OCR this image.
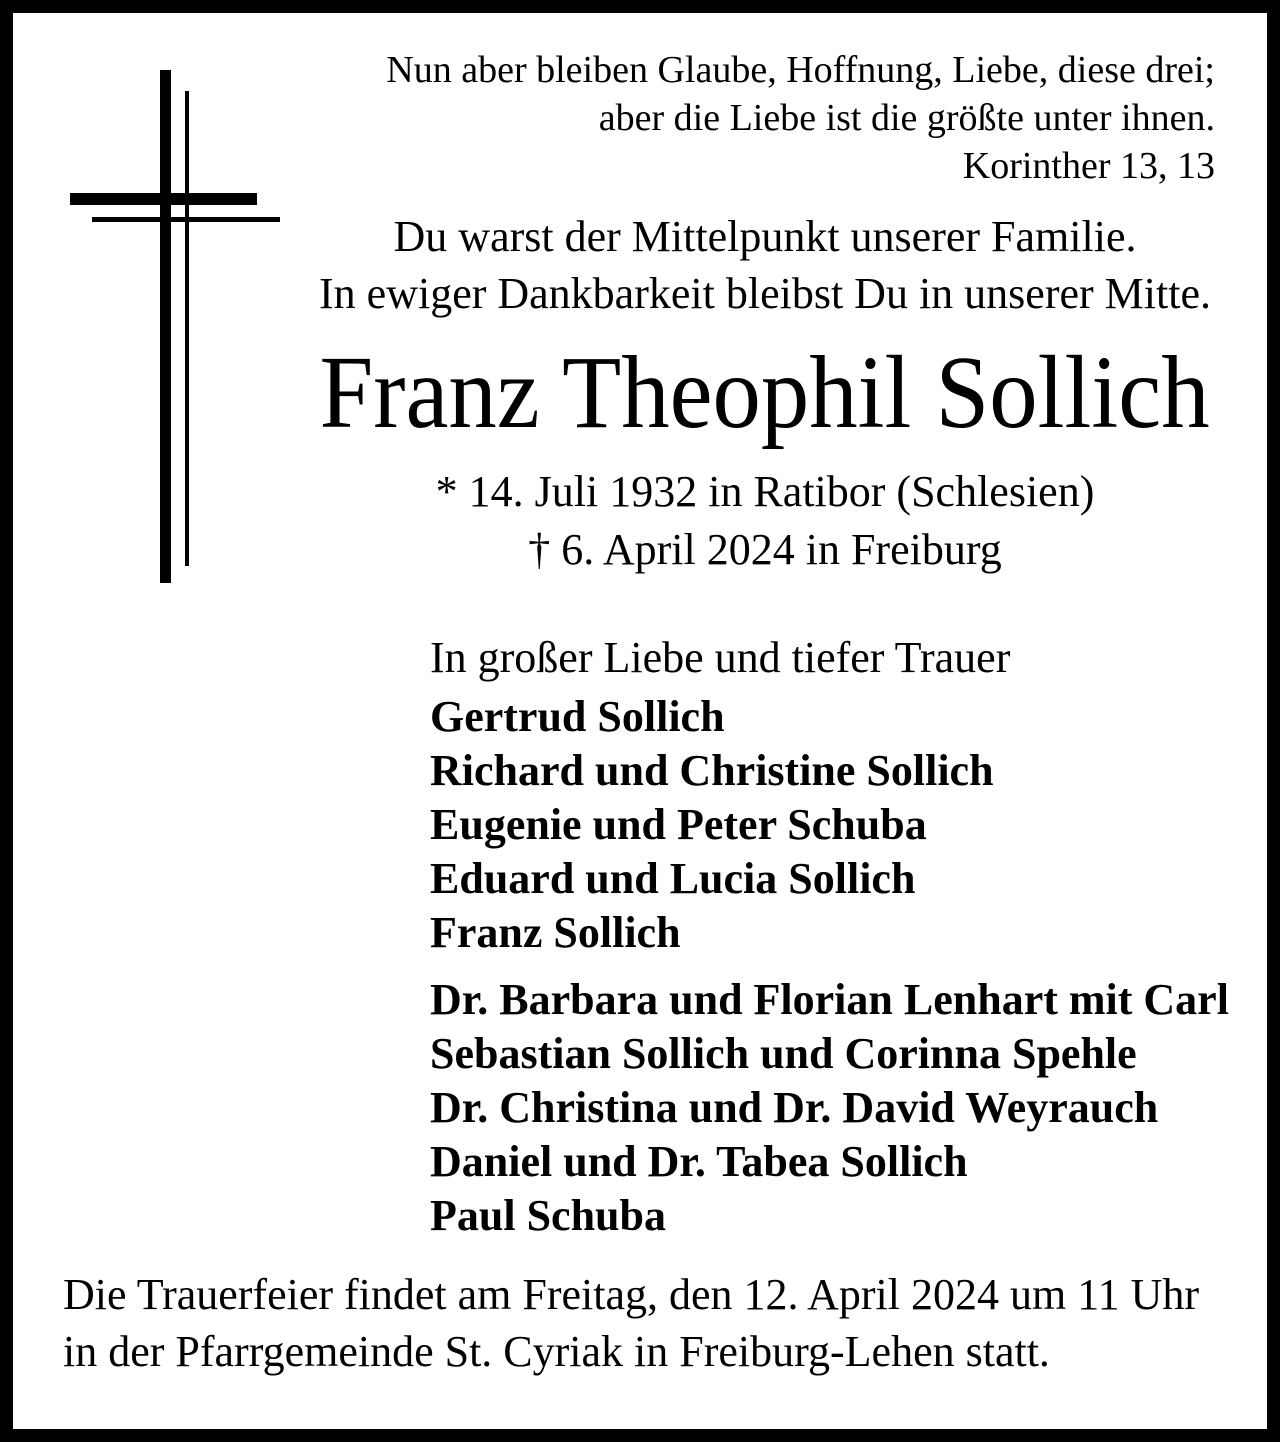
Nun aber bleiben Glaube, Hoffnung, Liebe, diese drei;
aber die Liebe ist die größte unter ihnen.
Korinther 13, 13
Du warst der Mittelpunkt unserer Familie.
In ewiger Dankbarkeit bleibst Du in unserer Mitte.
Franz Theophil Sollich
* 14. Juli 1932 in Ratibor (Schlesien)
† 6. April 2024 in Freiburg
In großer Liebe und tiefer Trauer
Gertrud Sollich
Richard und Christine Sollich
Eugenie und Peter Schuba
Eduard und Lucia Sollich
Franz Sollich
Dr. Barbara und Florian Lenhart mit Carl
Sebastian Sollich und Corinna Spehle
Dr. Christina und Dr. David Weyrauch
Daniel und Dr. Tabea Sollich
Paul Schuba
Die Trauerfeier findet am Freitag, den 12. April 2024 um 11 Uhr
in der Pfarrgemeinde St. Cyriak in Freiburg-Lehen statt.
